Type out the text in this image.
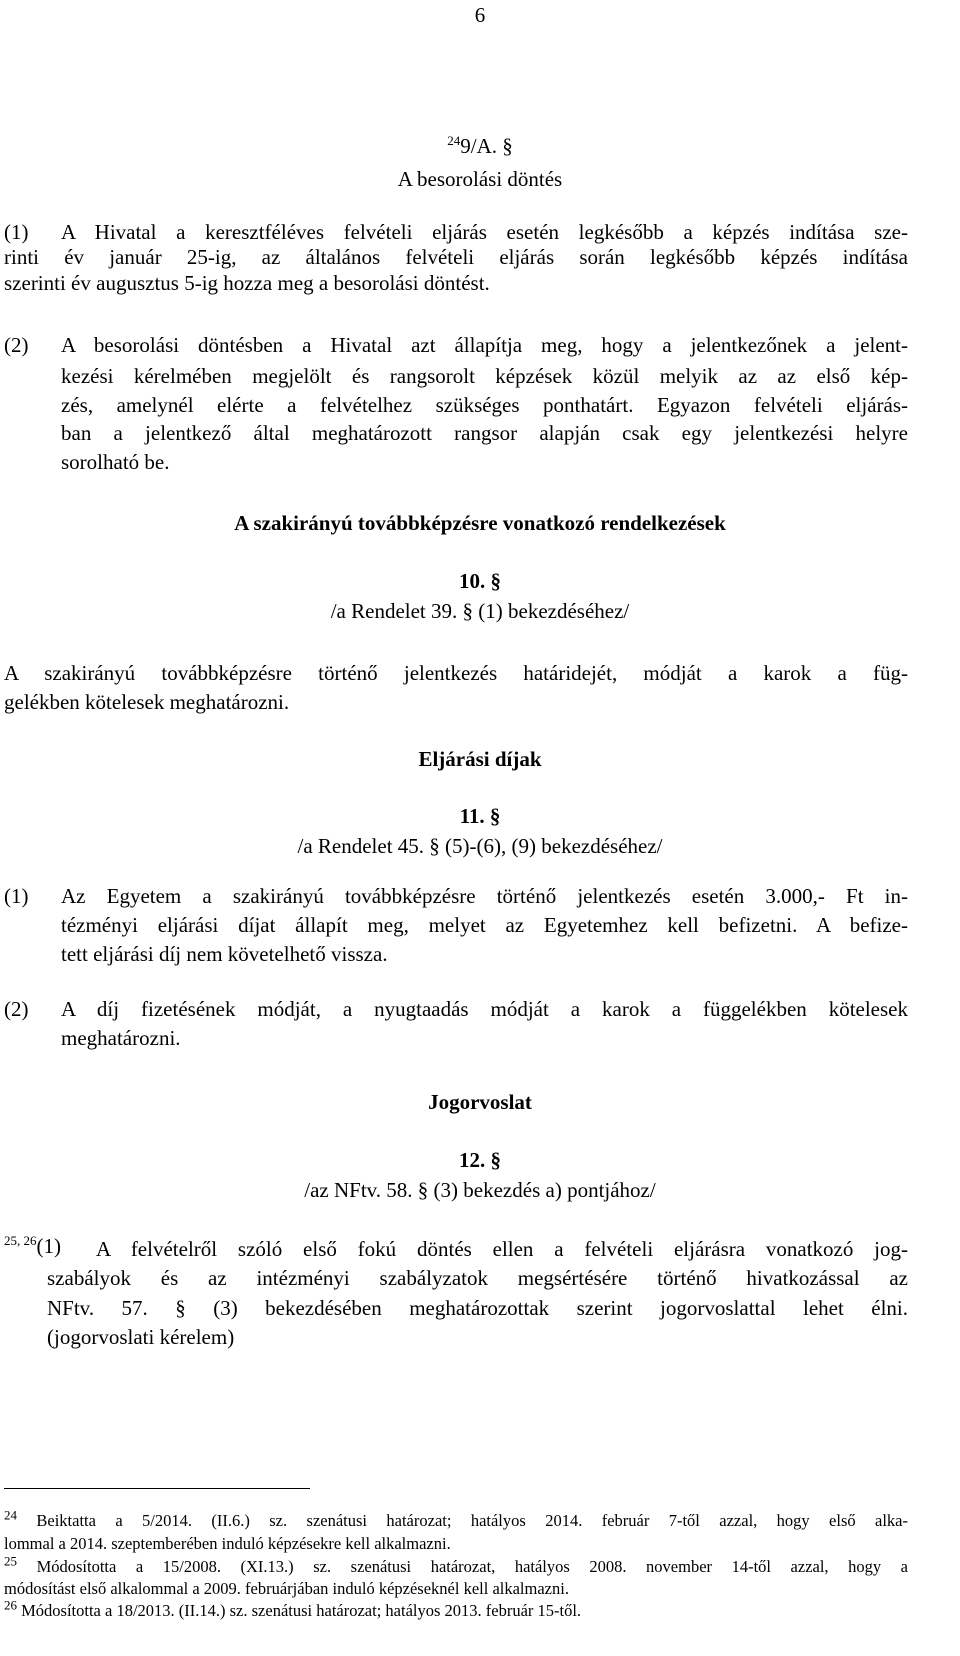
6
$^{24}$9/A. §
A besorolási döntés
(1) A Hivatal a keresztféléves felvételi eljárás esetén legkésőbb a képzés indítása sze-
rinti év január 25-ig, az általános felvételi eljárás során legkésőbb képzés indítása
szerinti év augusztus 5-ig hozza meg a besorolási döntést.
(2) A besorolási döntésben a Hivatal azt állapítja meg, hogy a jelentkezőnek a jelent-
kezési kérelmében megjelölt és rangsorolt képzések közül melyik az az első kép-
zés, amelynél elérte a felvételhez szükséges ponthatárt. Egyazon felvételi eljárás-
ban a jelentkező által meghatározott rangsor alapján csak egy jelentkezési helyre
sorolható be.
A szakirányú továbbképzésre vonatkozó rendelkezések
10. §
/a Rendelet 39. § (1) bekezdéséhez/
A szakirányú továbbképzésre történő jelentkezés határidejét, módját a karok a füg-
gelékben kötelesek meghatározni.
Eljárási díjak
11. §
/a Rendelet 45. § (5)-(6), (9) bekezdéséhez/
(1) Az Egyetem a szakirányú továbbképzésre történő jelentkezés esetén 3.000,- Ft in-
tézményi eljárási díjat állapít meg, melyet az Egyetemhez kell befizetni. A befize-
tett eljárási díj nem követelhető vissza.
(2) A díj fizetésének módját, a nyugtaadás módját a karok a függelékben kötelesek
meghatározni.
Jogorvoslat
12. §
/az NFtv. 58. § (3) bekezdés a) pontjához/
$^{25, 26}$(1) A felvételről szóló első fokú döntés ellen a felvételi eljárásra vonatkozó jog-
szabályok és az intézményi szabályzatok megsértésére történő hivatkozással az
NFtv. 57. § (3) bekezdésében meghatározottak szerint jogorvoslattal lehet élni.
(jogorvoslati kérelem)
$^{24}$ Beiktatta a 5/2014. (II.6.) sz. szenátusi határozat; hatályos 2014. február 7-től azzal, hogy első alka-
lommal a 2014. szeptemberében induló képzésekre kell alkalmazni.
$^{25}$ Módosította a 15/2008. (XI.13.) sz. szenátusi határozat, hatályos 2008. november 14-től azzal, hogy a
módosítást első alkalommal a 2009. februárjában induló képzéseknél kell alkalmazni.
$^{26}$ Módosította a 18/2013. (II.14.) sz. szenátusi határozat; hatályos 2013. február 15-től.
